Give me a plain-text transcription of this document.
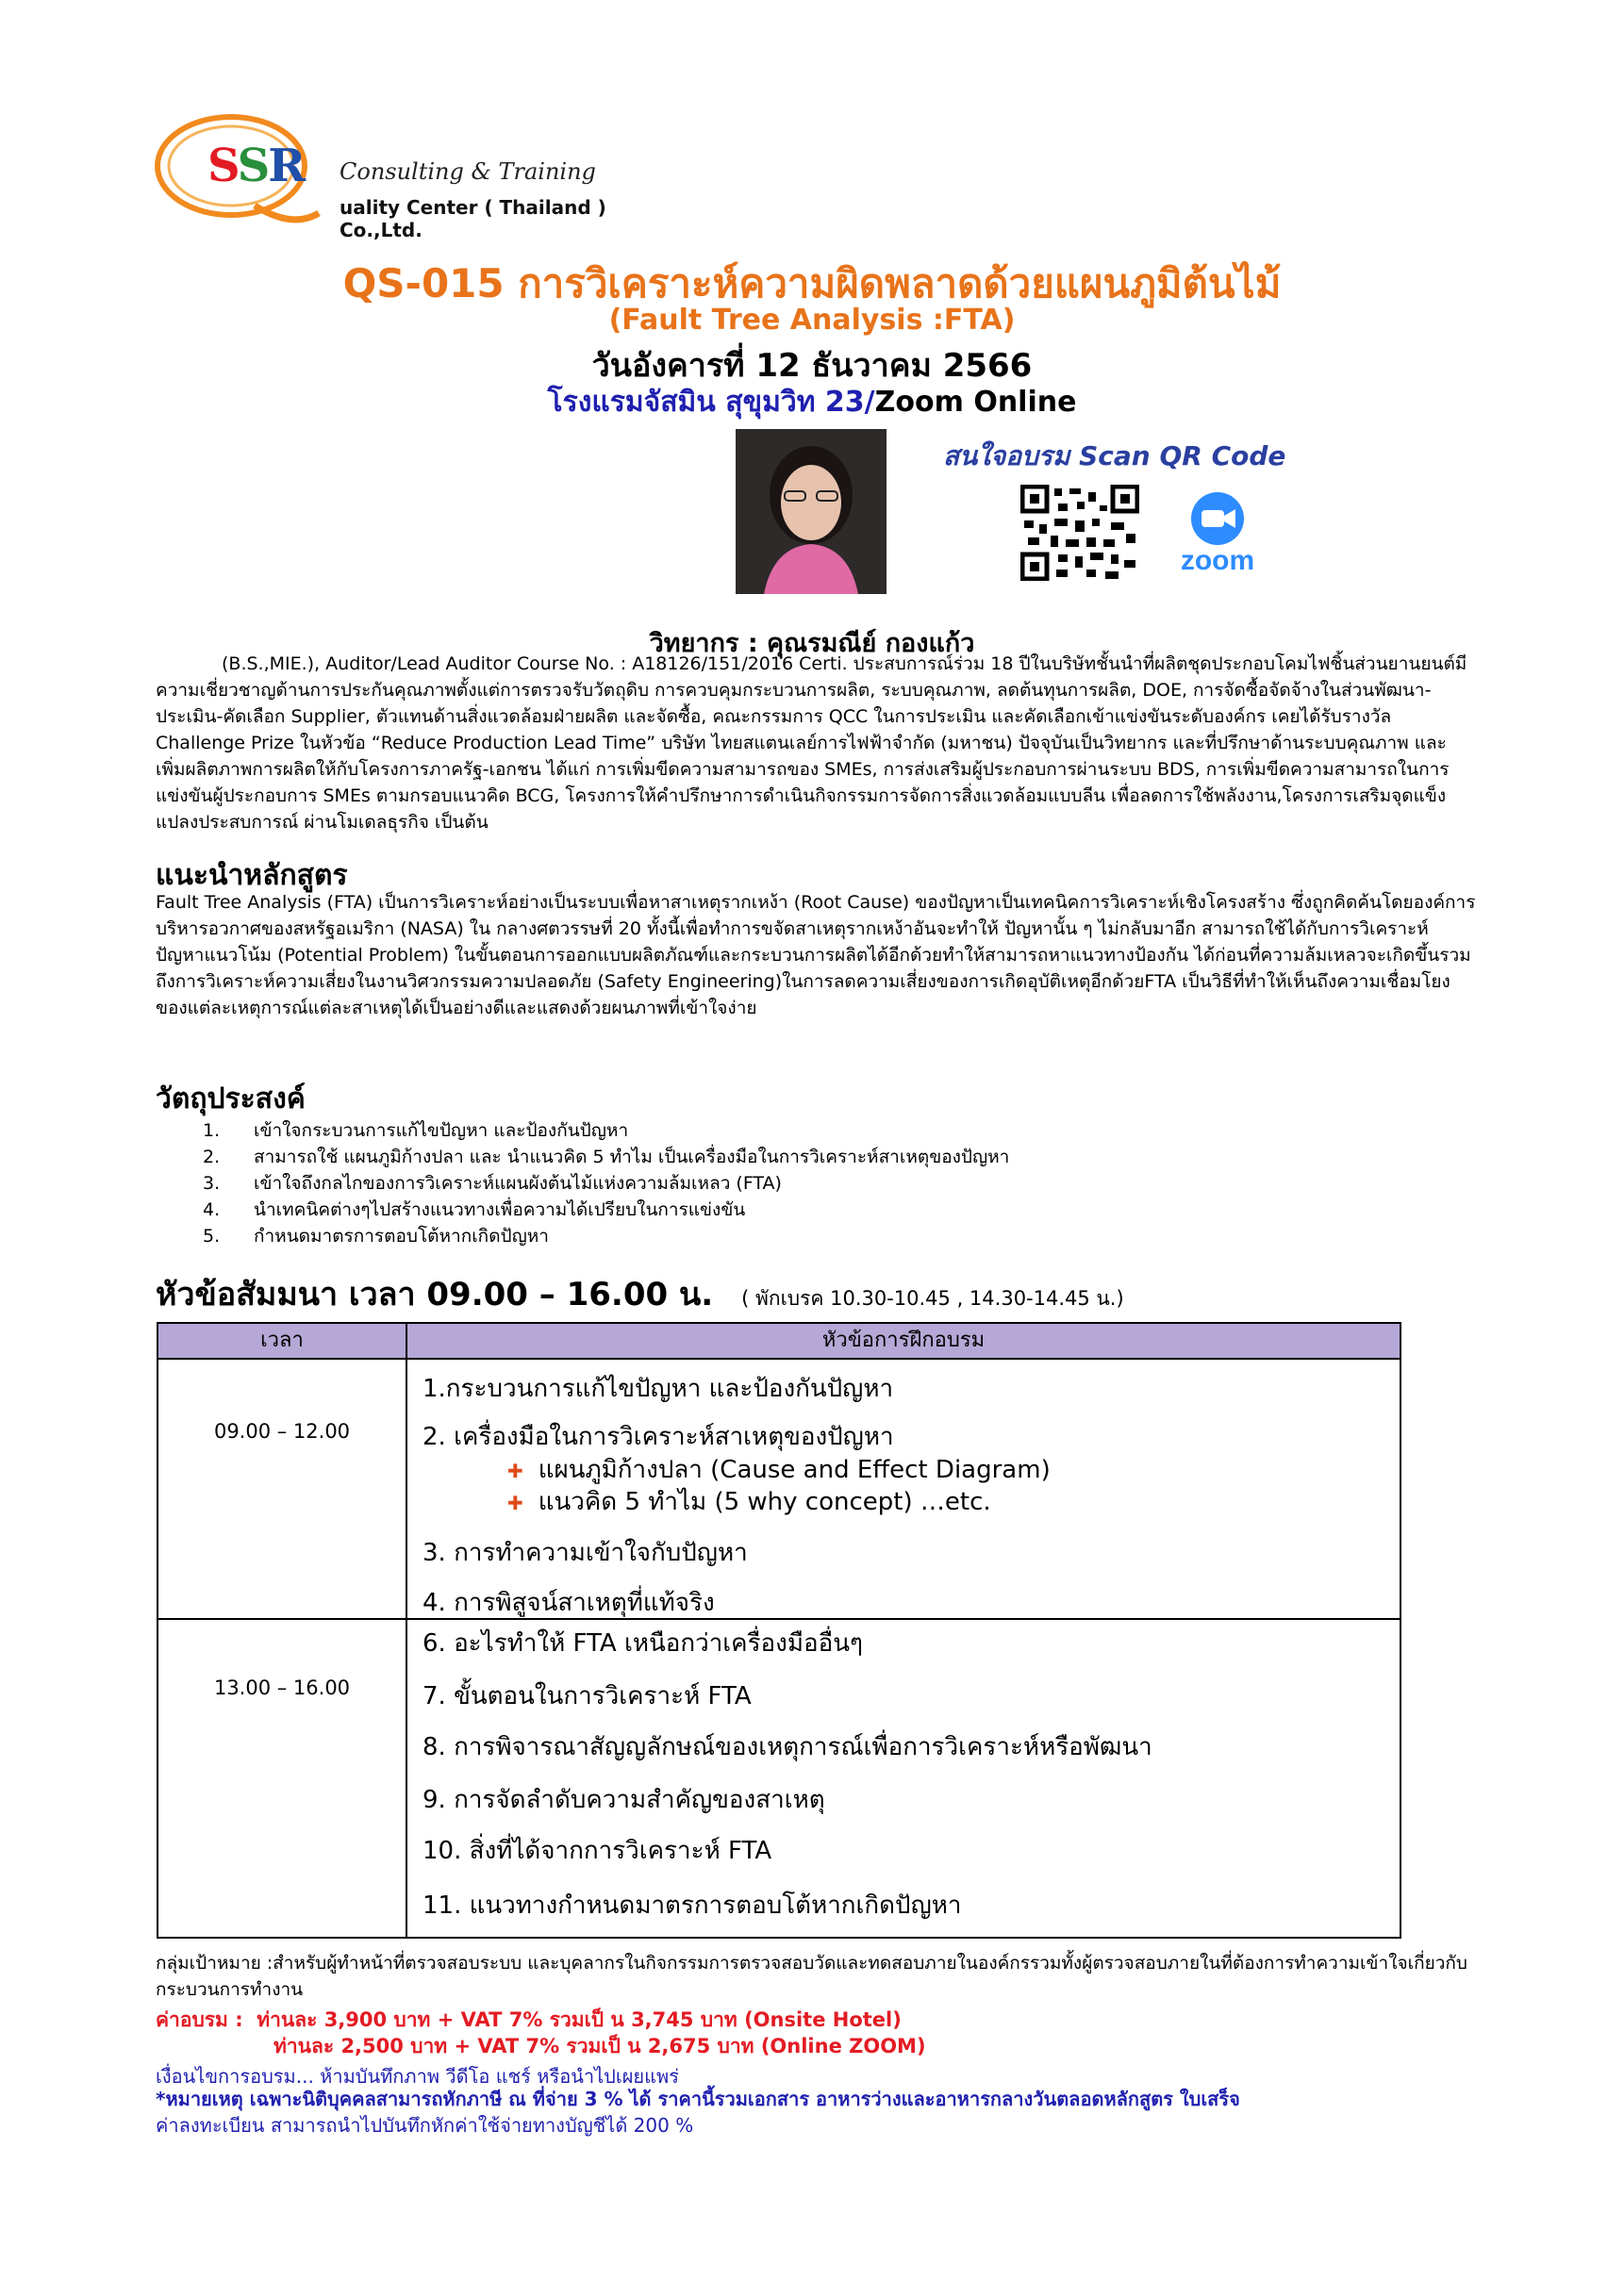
SSR Consulting & Training
uality Center ( Thailand ) Co.,Ltd.
QS-015 การวิเคราะห์ความผิดพลาดด้วยแผนภูมิต้นไม้
(Fault Tree Analysis :FTA)
วันอังคารที่ 12 ธันวาคม 2566
โรงแรมจัสมิน สุขุมวิท 23/Zoom Online
สนใจอบรม Scan QR Code
zoom
วิทยากร : คุณรมณีย์ กองแก้ว
(B.S.,MIE.), Auditor/Lead Auditor Course No. : A18126/151/2016 Certi. ประสบการณ์ร่วม 18 ปีในบริษัทชั้นนำที่ผลิตชุดประกอบโคมไฟชิ้นส่วนยานยนต์มีความเชี่ยวชาญด้านการประกันคุณภาพตั้งแต่การตรวจรับวัตถุดิบ การควบคุมกระบวนการผลิต, ระบบคุณภาพ, ลดต้นทุนการผลิต, DOE, การจัดซื้อจัดจ้างในส่วนพัฒนา-ประเมิน-คัดเลือก Supplier, ตัวแทนด้านสิ่งแวดล้อมฝ่ายผลิต และจัดซื้อ, คณะกรรมการ QCC ในการประเมิน และคัดเลือกเข้าแข่งขันระดับองค์กร เคยได้รับรางวัล Challenge Prize ในหัวข้อ “Reduce Production Lead Time” บริษัท ไทยสแตนเลย์การไฟฟ้าจำกัด (มหาชน) ปัจจุบันเป็นวิทยากร และที่ปรึกษาด้านระบบคุณภาพ และเพิ่มผลิตภาพการผลิตให้กับโครงการภาครัฐ-เอกชน ได้แก่ การเพิ่มขีดความสามารถของ SMEs, การส่งเสริมผู้ประกอบการผ่านระบบ BDS, การเพิ่มขีดความสามารถในการแข่งขันผู้ประกอบการ SMEs ตามกรอบแนวคิด BCG, โครงการให้คำปรึกษาการดำเนินกิจกรรมการจัดการสิ่งแวดล้อมแบบลีน เพื่อลดการใช้พลังงาน,โครงการเสริมจุดแข็ง แปลงประสบการณ์ ผ่านโมเดลธุรกิจ เป็นต้น
แนะนำหลักสูตร
Fault Tree Analysis (FTA) เป็นการวิเคราะห์อย่างเป็นระบบเพื่อหาสาเหตุรากเหง้า (Root Cause) ของปัญหาเป็นเทคนิคการวิเคราะห์เชิงโครงสร้าง ซึ่งถูกคิดค้นโดยองค์การบริหารอวกาศของสหรัฐอเมริกา (NASA) ใน กลางศตวรรษที่ 20 ทั้งนี้เพื่อทำการขจัดสาเหตุรากเหง้าอันจะทำให้ ปัญหานั้น ๆ ไม่กลับมาอีก สามารถใช้ได้กับการวิเคราะห์ปัญหาแนวโน้ม (Potential Problem) ในขั้นตอนการออกแบบผลิตภัณฑ์และกระบวนการผลิตได้อีกด้วยทำให้สามารถหาแนวทางป้องกัน ได้ก่อนที่ความล้มเหลวจะเกิดขึ้นรวมถึงการวิเคราะห์ความเสี่ยงในงานวิศวกรรมความปลอดภัย (Safety Engineering)ในการลดความเสี่ยงของการเกิดอุบัติเหตุอีกด้วยFTA เป็นวิธีที่ทำให้เห็นถึงความเชื่อมโยงของแต่ละเหตุการณ์แต่ละสาเหตุได้เป็นอย่างดีและแสดงด้วยผนภาพที่เข้าใจง่าย
วัตถุประสงค์
1.	เข้าใจกระบวนการแก้ไขปัญหา และป้องกันปัญหา
2.	สามารถใช้ แผนภูมิก้างปลา และ นำแนวคิด 5 ทำไม เป็นเครื่องมือในการวิเคราะห์สาเหตุของปัญหา
3.	เข้าใจถึงกลไกของการวิเคราะห์แผนผังต้นไม้แห่งความล้มเหลว (FTA)
4.	นำเทคนิคต่างๆไปสร้างแนวทางเพื่อความได้เปรียบในการแข่งขัน
5.	กำหนดมาตรการตอบโต้หากเกิดปัญหา
หัวข้อสัมมนา เวลา 09.00 – 16.00 น. ( พักเบรค 10.30-10.45 , 14.30-14.45 น.)
เวลา	หัวข้อการฝึกอบรม
09.00 – 12.00
1.กระบวนการแก้ไขปัญหา และป้องกันปัญหา
2. เครื่องมือในการวิเคราะห์สาเหตุของปัญหา
✚ แผนภูมิก้างปลา (Cause and Effect Diagram)
✚ แนวคิด 5 ทำไม (5 why concept) …etc.
3. การทำความเข้าใจกับปัญหา
4. การพิสูจน์สาเหตุที่แท้จริง
13.00 – 16.00
6. อะไรทำให้ FTA เหนือกว่าเครื่องมืออื่นๆ
7. ขั้นตอนในการวิเคราะห์ FTA
8. การพิจารณาสัญญลักษณ์ของเหตุการณ์เพื่อการวิเคราะห์หรือพัฒนา
9. การจัดลำดับความสำคัญของสาเหตุ
10. สิ่งที่ได้จากการวิเคราะห์ FTA
11. แนวทางกำหนดมาตรการตอบโต้หากเกิดปัญหา
กลุ่มเป้าหมาย :สำหรับผู้ทำหน้าที่ตรวจสอบระบบ และบุคลากรในกิจกรรมการตรวจสอบวัดและทดสอบภายในองค์กรรวมทั้งผู้ตรวจสอบภายในที่ต้องการทำความเข้าใจเกี่ยวกับกระบวนการทำงาน
ค่าอบรม : ท่านละ 3,900 บาท + VAT 7% รวมเป็ น 3,745 บาท (Onsite Hotel)
ท่านละ 2,500 บาท + VAT 7% รวมเป็ น 2,675 บาท (Online ZOOM)
เงื่อนไขการอบรม... ห้ามบันทึกภาพ วีดีโอ แชร์ หรือนำไปเผยแพร่
*หมายเหตุ เฉพาะนิติบุคคลสามารถหักภาษี ณ ที่จ่าย 3 % ได้ ราคานี้รวมเอกสาร อาหารว่างและอาหารกลางวันตลอดหลักสูตร ใบเสร็จ
ค่าลงทะเบียน สามารถนำไปบันทึกหักค่าใช้จ่ายทางบัญชีได้ 200 %
